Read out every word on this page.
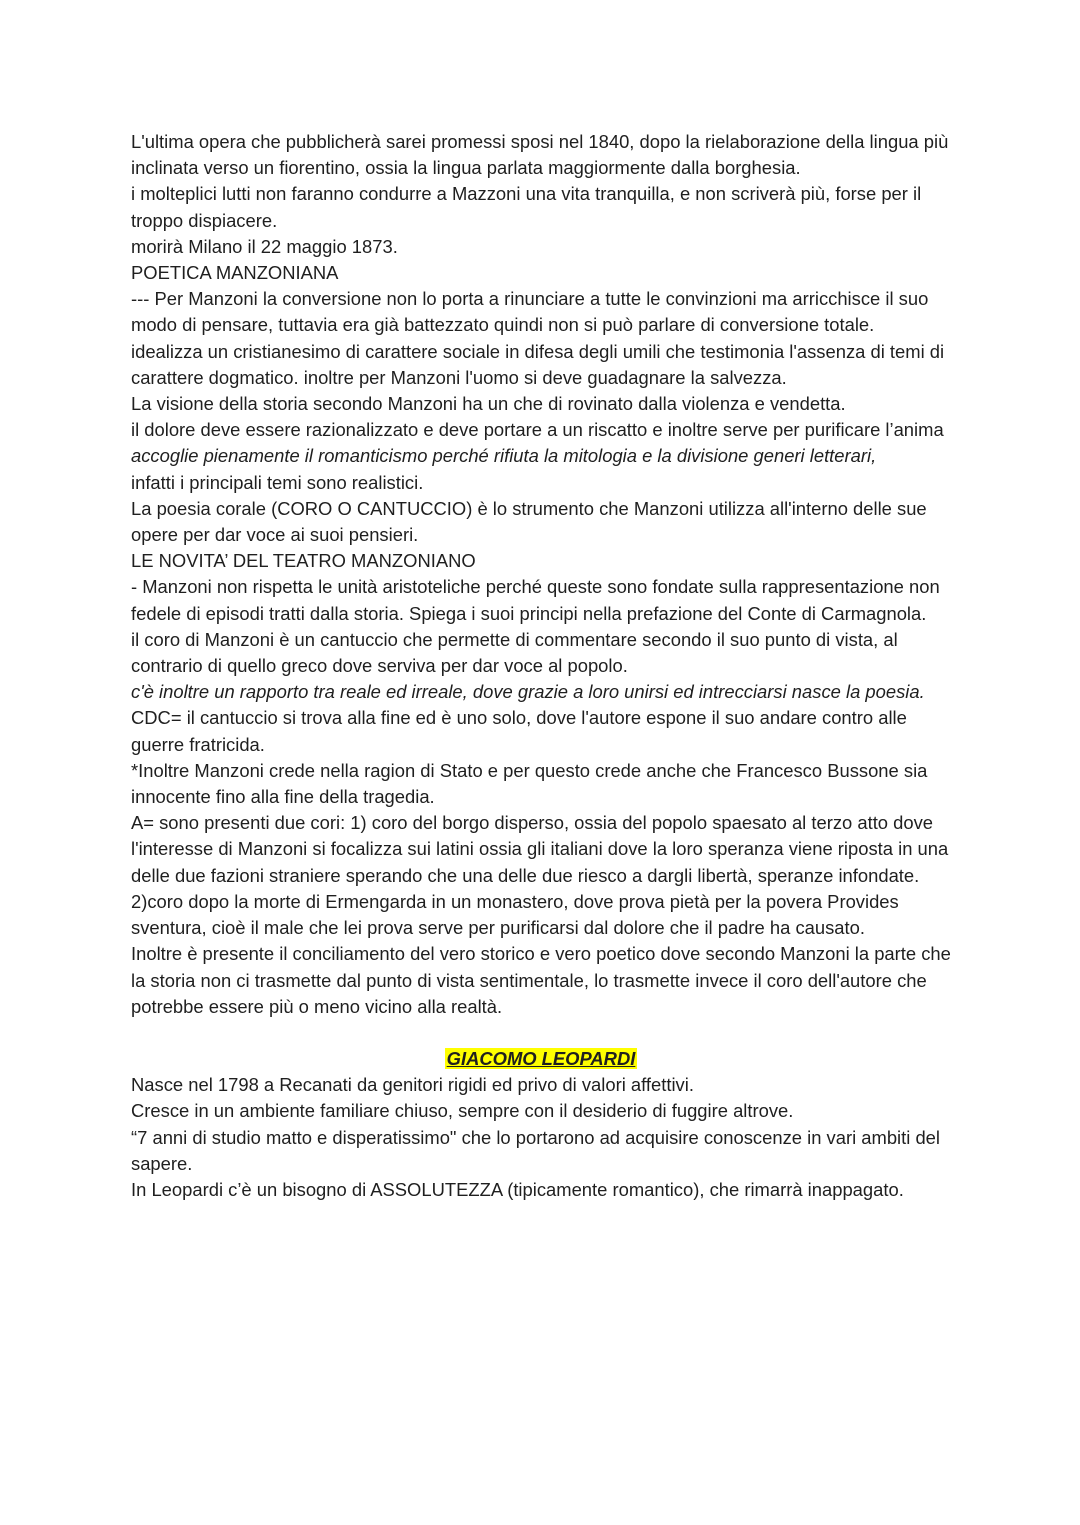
L'ultima opera che pubblicherà sarei promessi sposi nel 1840, dopo la rielaborazione della lingua più inclinata verso un fiorentino, ossia la lingua parlata maggiormente dalla borghesia.

i molteplici lutti non faranno condurre a Mazzoni una vita tranquilla, e non scriverà più, forse per il troppo dispiacere.

morirà Milano il 22 maggio 1873.

POETICA MANZONIANA

--- Per Manzoni la conversione non lo porta a rinunciare a tutte le convinzioni ma arricchisce il suo modo di pensare, tuttavia era già battezzato quindi non si può parlare di conversione totale.

idealizza un cristianesimo di carattere sociale in difesa degli umili che testimonia l'assenza di temi di carattere dogmatico. inoltre per Manzoni l'uomo si deve guadagnare la salvezza.

La visione della storia secondo Manzoni ha un che di rovinato dalla violenza e vendetta.

il dolore deve essere razionalizzato e deve portare a un riscatto e inoltre serve per purificare l’anima

accoglie pienamente il romanticismo perché rifiuta la mitologia e la divisione generi letterari,

infatti i principali temi sono realistici.

La poesia corale (CORO O CANTUCCIO) è lo strumento che Manzoni utilizza all'interno delle sue opere per dar voce ai suoi pensieri.

LE NOVITA’ DEL TEATRO MANZONIANO

- Manzoni non rispetta le unità aristoteliche perché queste sono fondate sulla rappresentazione non fedele di episodi tratti dalla storia. Spiega i suoi principi nella prefazione del Conte di Carmagnola.

il coro di Manzoni è un cantuccio che permette di commentare secondo il suo punto di vista, al contrario di quello greco dove serviva per dar voce al popolo.

c'è inoltre un rapporto tra reale ed irreale, dove grazie a loro unirsi ed intrecciarsi nasce la poesia.

CDC= il cantuccio si trova alla fine ed è uno solo, dove l'autore espone il suo andare contro alle guerre fratricida.

*Inoltre Manzoni crede nella ragion di Stato e per questo crede anche che Francesco Bussone sia innocente fino alla fine della tragedia.

A= sono presenti due cori: 1) coro del borgo disperso, ossia del popolo spaesato al terzo atto dove l'interesse di Manzoni si focalizza sui latini ossia gli italiani dove la loro speranza viene riposta in una delle due fazioni straniere sperando che una delle due riesco a dargli libertà, speranze infondate.

2)coro dopo la morte di Ermengarda in un monastero, dove prova pietà per la povera Provides sventura, cioè il male che lei prova serve per purificarsi dal dolore che il padre ha causato.

Inoltre è presente il conciliamento del vero storico e vero poetico dove secondo Manzoni la parte che la storia non ci trasmette dal punto di vista sentimentale, lo trasmette invece il coro dell'autore che potrebbe essere più o meno vicino alla realtà.

GIACOMO LEOPARDI

Nasce nel 1798 a Recanati da genitori rigidi ed privo di valori affettivi.

Cresce in un ambiente familiare chiuso, sempre con il desiderio di fuggire altrove.

“7 anni di studio matto e disperatissimo" che lo portarono ad acquisire conoscenze in vari ambiti del sapere.

In Leopardi c’è un bisogno di ASSOLUTEZZA (tipicamente romantico), che rimarrà inappagato.
